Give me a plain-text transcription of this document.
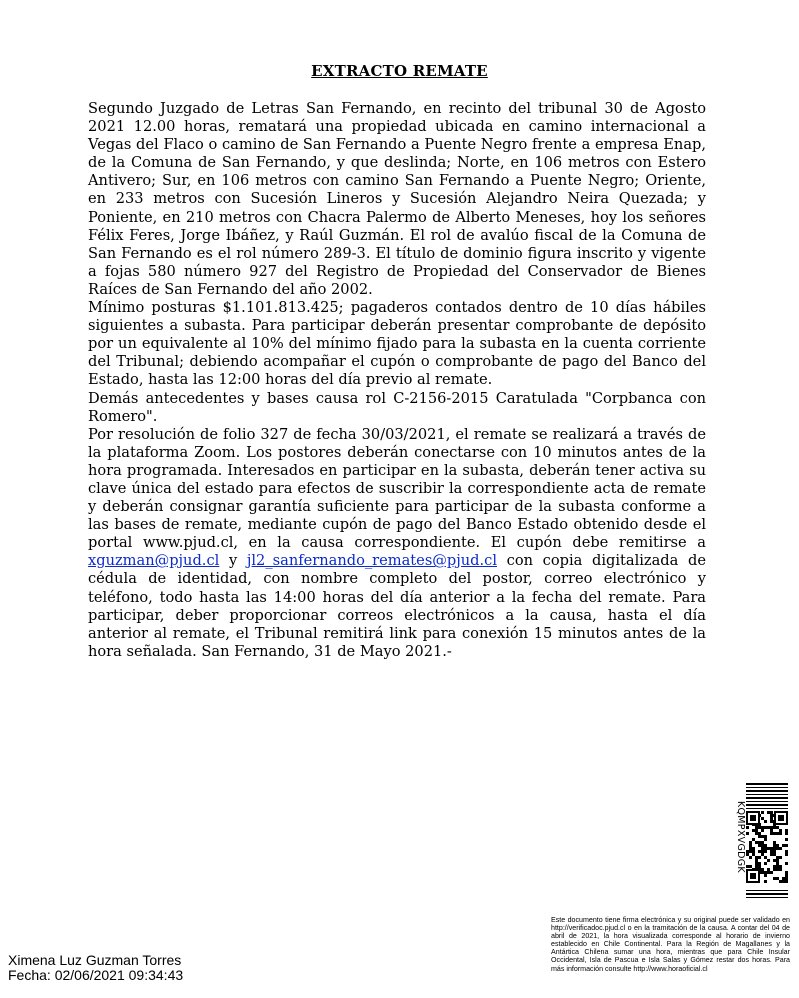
EXTRACTO REMATE

Segundo Juzgado de Letras San Fernando, en recinto del tribunal 30 de Agosto 2021 12.00 horas, rematará una propiedad ubicada en camino internacional a Vegas del Flaco o camino de San Fernando a Puente Negro frente a empresa Enap, de la Comuna de San Fernando, y que deslinda; Norte, en 106 metros con Estero Antivero; Sur, en 106 metros con camino San Fernando a Puente Negro; Oriente, en 233 metros con Sucesión Lineros y Sucesión Alejandro Neira Quezada; y Poniente, en 210 metros con Chacra Palermo de Alberto Meneses, hoy los señores Félix Feres, Jorge Ibáñez, y Raúl Guzmán. El rol de avalúo fiscal de la Comuna de San Fernando es el rol número 289-3. El título de dominio figura inscrito y vigente a fojas 580 número 927 del Registro de Propiedad del Conservador de Bienes Raíces de San Fernando del año 2002.

Mínimo posturas $1.101.813.425; pagaderos contados dentro de 10 días hábiles siguientes a subasta. Para participar deberán presentar comprobante de depósito por un equivalente al 10% del mínimo fijado para la subasta en la cuenta corriente del Tribunal; debiendo acompañar el cupón o comprobante de pago del Banco del Estado, hasta las 12:00 horas del día previo al remate.

Demás antecedentes y bases causa rol C-2156-2015 Caratulada "Corpbanca con Romero".

Por resolución de folio 327 de fecha 30/03/2021, el remate se realizará a través de la plataforma Zoom. Los postores deberán conectarse con 10 minutos antes de la hora programada. Interesados en participar en la subasta, deberán tener activa su clave única del estado para efectos de suscribir la correspondiente acta de remate y deberán consignar garantía suficiente para participar de la subasta conforme a las bases de remate, mediante cupón de pago del Banco Estado obtenido desde el portal www.pjud.cl, en la causa correspondiente. El cupón debe remitirse a xguzman@pjud.cl y jl2_sanfernando_remates@pjud.cl con copia digitalizada de cédula de identidad, con nombre completo del postor, correo electrónico y teléfono, todo hasta las 14:00 horas del día anterior a la fecha del remate. Para participar, deber proporcionar correos electrónicos a la causa, hasta el día anterior al remate, el Tribunal remitirá link para conexión 15 minutos antes de la hora señalada. San Fernando, 31 de Mayo 2021.-

KQMPXVGDGK
Este documento tiene firma electrónica y su original puede ser validado en http://verificadoc.pjud.cl o en la tramitación de la causa. A contar del 04 de abril de 2021, la hora visualizada corresponde al horario de invierno establecido en Chile Continental. Para la Región de Magallanes y la Antártica Chilena sumar una hora, mientras que para Chile Insular Occidental, Isla de Pascua e Isla Salas y Gómez restar dos horas. Para más información consulte http://www.horaoficial.cl
Ximena Luz Guzman Torres
Fecha: 02/06/2021 09:34:43
